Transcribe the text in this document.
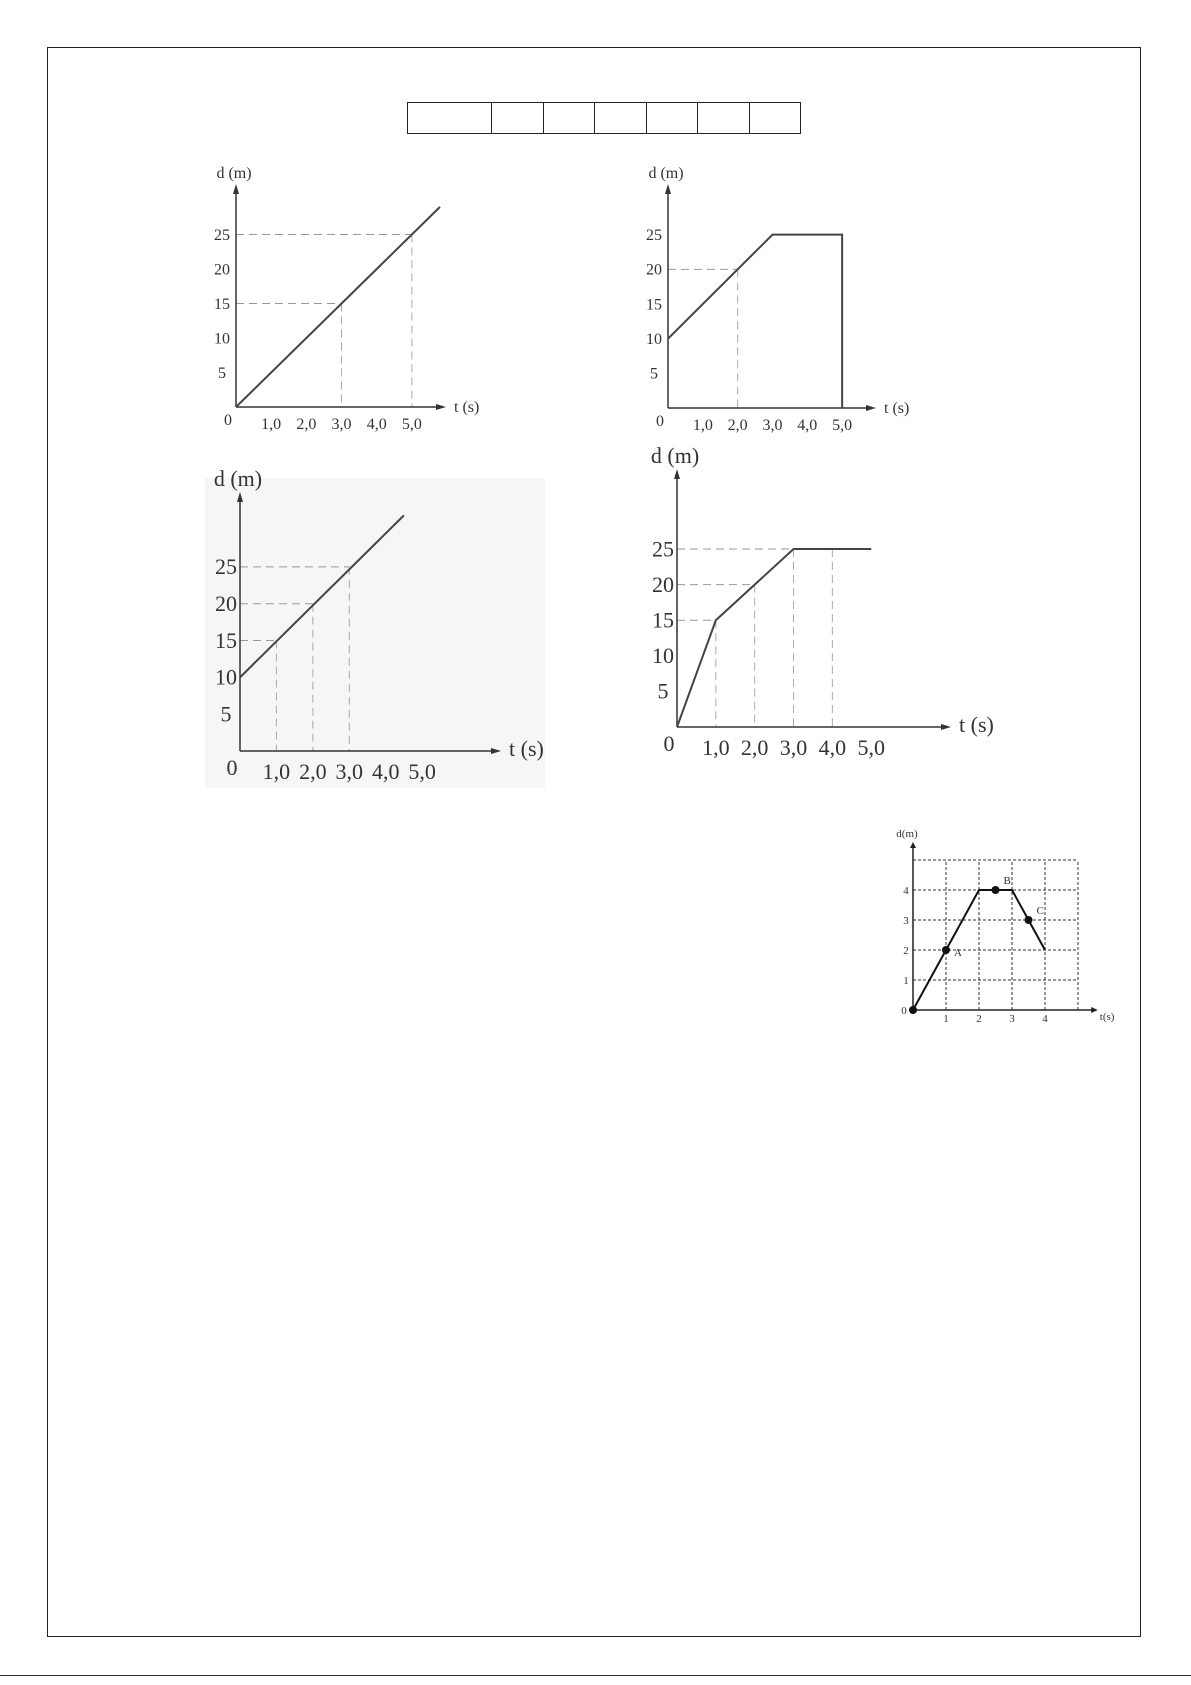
d (m)
t (s)
0 1,0 2,0 3,0 4,0 5,0
5
10
15
20
25
d (m)
t (s)
0 1,0 2,0 3,0 4,0 5,0
5
10
15
20
25
d (m)
t (s)
0 1,0 2,0 3,0 4,0 5,0
5
10
15
20
25
d (m)
t (s)
0 1,0 2,0 3,0 4,0 5,0
5
10
15
20
25
d(m)
t(s)
0
1	2	3	4
1
2
3
4
A
B
C
